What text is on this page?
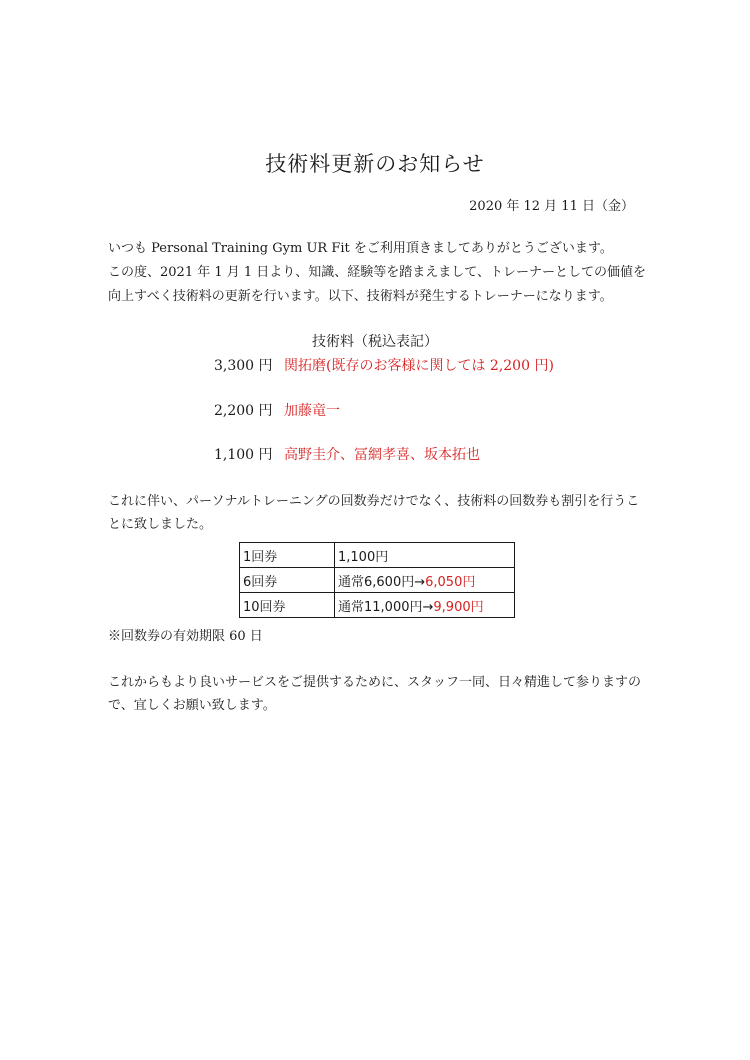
技術料更新のお知らせ
2020 年 12 月 11 日（金）
いつも Personal Training Gym UR Fit をご利用頂きましてありがとうございます。
この度、2021 年 1 月 1 日より、知識、経験等を踏まえまして、トレーナーとしての価値を
向上すべく技術料の更新を行います。以下、技術料が発生するトレーナーになります。
技術料（税込表記）
3,300 円 関拓磨(既存のお客様に関しては 2,200 円)
2,200 円 加藤竜一
1,100 円 高野圭介、冨網孝喜、坂本拓也
これに伴い、パーソナルトレーニングの回数券だけでなく、技術料の回数券も割引を行うこ
とに致しました。
1回券	1,100円
6回券	通常6,600円→6,050円
10回券	通常11,000円→9,900円
※回数券の有効期限 60 日
これからもより良いサービスをご提供するために、スタッフ一同、日々精進して参りますの
で、宜しくお願い致します。
